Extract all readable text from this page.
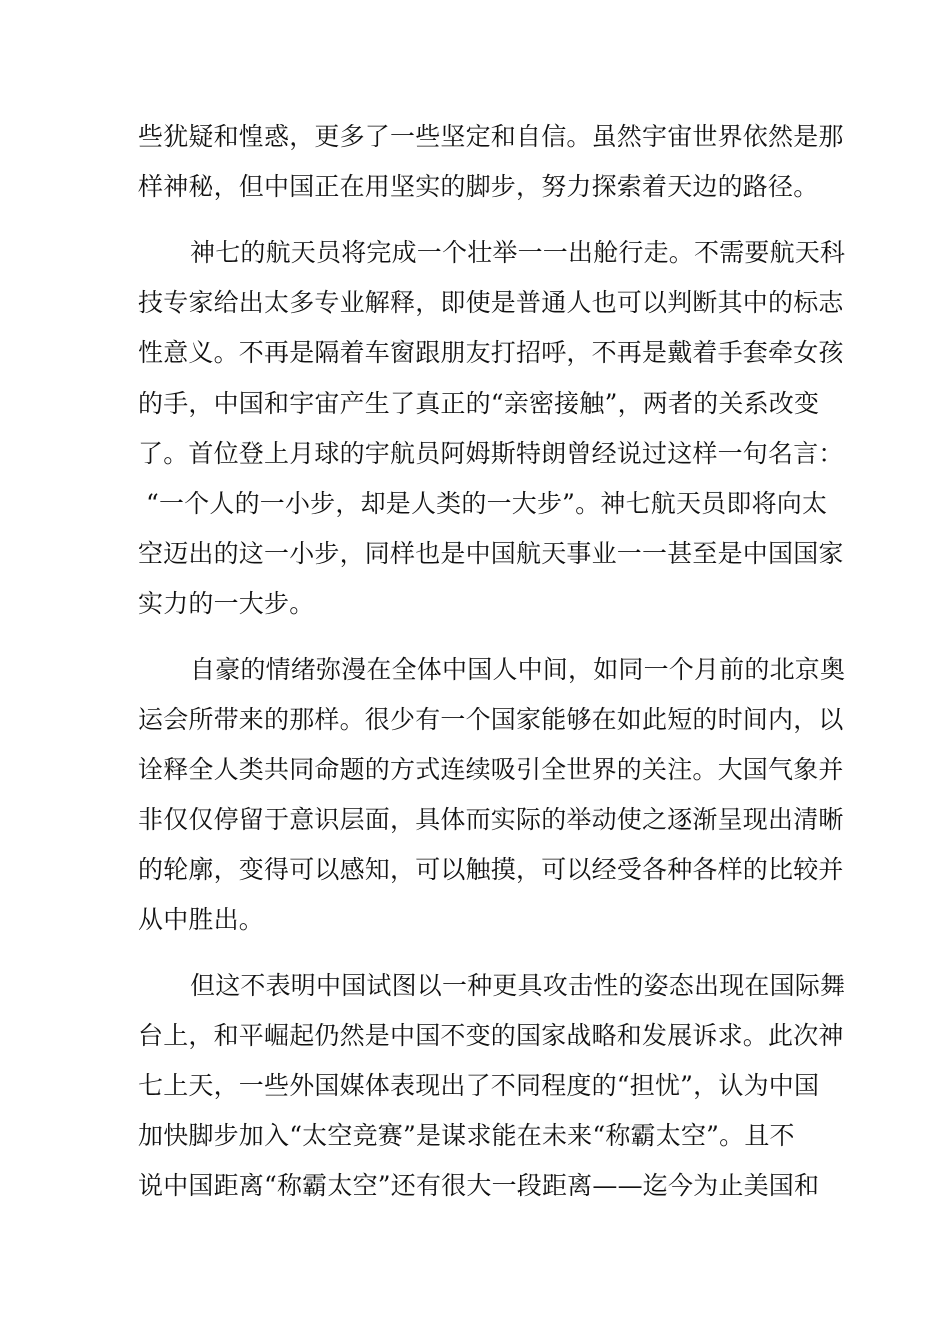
些犹疑和惶惑，更多了一些坚定和自信。虽然宇宙世界依然是那
样神秘，但中国正在用坚实的脚步，努力探索着天边的路径。
神七的航天员将完成一个壮举一一出舱行走。不需要航天科
技专家给出太多专业解释，即使是普通人也可以判断其中的标志
性意义。不再是隔着车窗跟朋友打招呼，不再是戴着手套牵女孩
的手，中国和宇宙产生了真正的“亲密接触”，两者的关系改变
了。首位登上月球的宇航员阿姆斯特朗曾经说过这样一句名言：
“一个人的一小步，却是人类的一大步”。神七航天员即将向太
空迈出的这一小步，同样也是中国航天事业一一甚至是中国国家
实力的一大步。
自豪的情绪弥漫在全体中国人中间，如同一个月前的北京奥
运会所带来的那样。很少有一个国家能够在如此短的时间内，以
诠释全人类共同命题的方式连续吸引全世界的关注。大国气象并
非仅仅停留于意识层面，具体而实际的举动使之逐渐呈现出清晰
的轮廓，变得可以感知，可以触摸，可以经受各种各样的比较并
从中胜出。
但这不表明中国试图以一种更具攻击性的姿态出现在国际舞
台上，和平崛起仍然是中国不变的国家战略和发展诉求。此次神
七上天，一些外国媒体表现出了不同程度的“担忧”，认为中国
加快脚步加入“太空竞赛”是谋求能在未来“称霸太空”。且不
说中国距离“称霸太空”还有很大一段距离——迄今为止美国和
